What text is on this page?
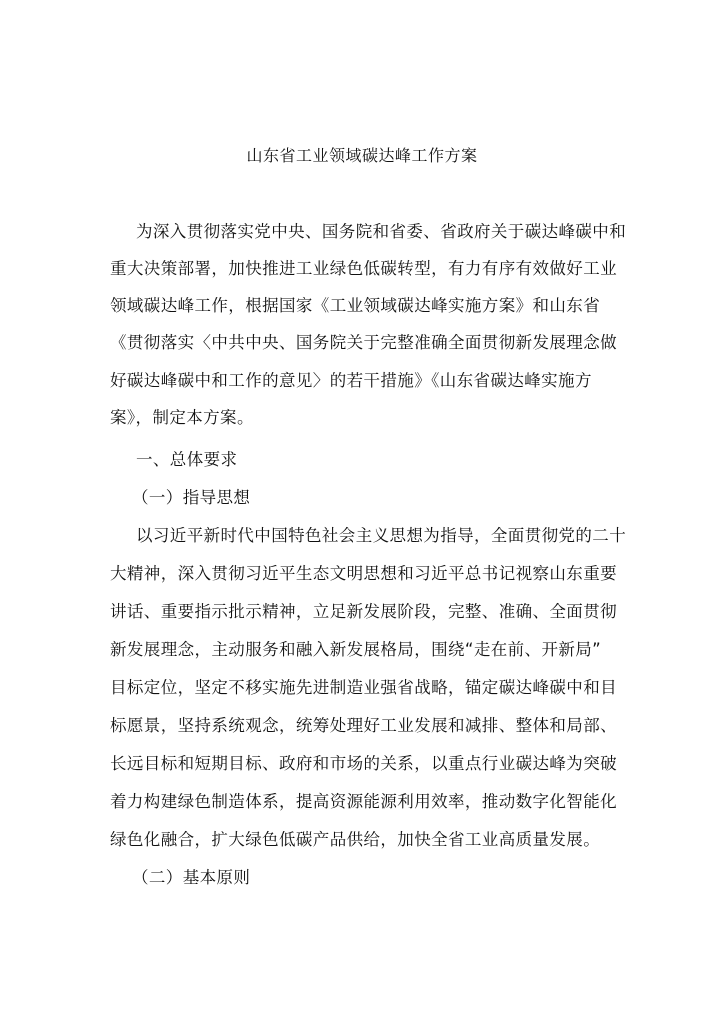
山东省工业领域碳达峰工作方案
为深入贯彻落实党中央、国务院和省委、省政府关于碳达峰碳中和
重大决策部署，加快推进工业绿色低碳转型，有力有序有效做好工业
领域碳达峰工作，根据国家《工业领域碳达峰实施方案》和山东省
《贯彻落实〈中共中央、国务院关于完整准确全面贯彻新发展理念做
好碳达峰碳中和工作的意见〉的若干措施》《山东省碳达峰实施方
案》，制定本方案。
一、总体要求
（一）指导思想
以习近平新时代中国特色社会主义思想为指导，全面贯彻党的二十
大精神，深入贯彻习近平生态文明思想和习近平总书记视察山东重要
讲话、重要指示批示精神，立足新发展阶段，完整、准确、全面贯彻
新发展理念，主动服务和融入新发展格局，围绕“走在前、开新局”
目标定位，坚定不移实施先进制造业强省战略，锚定碳达峰碳中和目
标愿景，坚持系统观念，统筹处理好工业发展和减排、整体和局部、
长远目标和短期目标、政府和市场的关系，以重点行业碳达峰为突破
着力构建绿色制造体系，提高资源能源利用效率，推动数字化智能化
绿色化融合，扩大绿色低碳产品供给，加快全省工业高质量发展。
（二）基本原则
